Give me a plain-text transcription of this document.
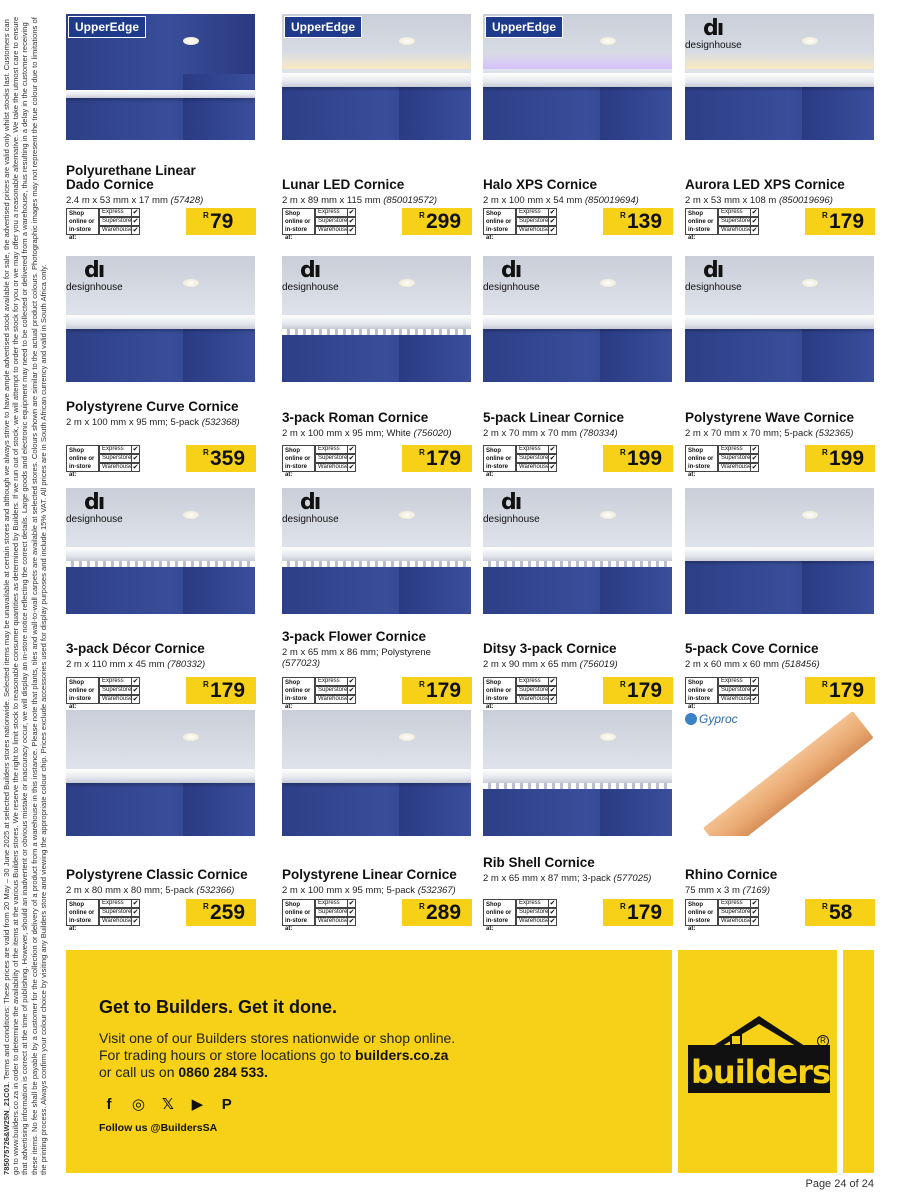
785075726&W25N_21C01. Terms and conditions: These prices are valid from 20 May – 30 June 2025 at selected Builders stores nationwide. Selected items may be unavailable at certain stores and although we always strive to have ample advertised stock available for sale, the advertised prices are valid only whilst stocks last. Customers can go to www.builders.co.za in order to determine the availability of the items at the various Builders stores. We reserve the right to limit stock to reasonable consumer quantities as determined by Builders. If we run out of stock, we will attempt to order the stock for you or we may offer you a reasonable alternative. We take the utmost care to ensure that advertising information is correct at the time of publishing. However, should an inadvertent or obvious mistake or inaccuracy occur, we will display an in-store notice reflecting the correct details. Large goods and electronic equipment may need to be collected or delivered from a warehouse, thus resulting in a delay in the customer receiving these items. No fee shall be payable by a customer for the collection or delivery of a product from a warehouse in this instance. Please note that plants, tiles and wall-to-wall carpets are available at selected stores. Colours shown are similar to the actual product colours. Photographic images may not represent the true colour due to limitations of the printing process. Always confirm your colour choice by visiting any Builders store and viewing the appropriate colour chip. Prices exclude accessories used for display purposes and include 15% VAT. All prices are in South African currency and valid in South Africa only.
UpperEdge
Polyurethane Linear
Dado Cornice
2.4 m x 53 mm x 17 mm (57428)
Shop
online or
in-store at:
Express ✔
Superstore ✔
Warehouse ✔
R 79
UpperEdge
Lunar LED Cornice
2 m x 89 mm x 115 mm (850019572)
Shop
online or
in-store at:
Express ✔
Superstore ✔
Warehouse ✔
R 299
UpperEdge
Halo XPS Cornice
2 m x 100 mm x 54 mm (850019694)
Shop
online or
in-store at:
Express ✔
Superstore ✔
Warehouse ✔
R 139
dı
designhouse
Aurora LED XPS Cornice
2 m x 53 mm x 108 m (850019696)
Shop
online or
in-store at:
Express ✔
Superstore ✔
Warehouse ✔
R 179
dı
designhouse
Polystyrene Curve Cornice
2 m x 100 mm x 95 mm; 5-pack (532368)
Shop
online or
in-store at:
Express ✔
Superstore ✔
Warehouse ✔
R 359
dı
designhouse
3-pack Roman Cornice
2 m x 100 mm x 95 mm; White (756020)
Shop
online or
in-store at:
Express ✔
Superstore ✔
Warehouse ✔
R 179
dı
designhouse
5-pack Linear Cornice
2 m x 70 mm x 70 mm (780334)
Shop
online or
in-store at:
Express ✔
Superstore ✔
Warehouse ✔
R 199
dı
designhouse
Polystyrene Wave Cornice
2 m x 70 mm x 70 mm; 5-pack (532365)
Shop
online or
in-store at:
Express ✔
Superstore ✔
Warehouse ✔
R 199
dı
designhouse
3-pack Décor Cornice
2 m x 110 mm x 45 mm (780332)
Shop
online or
in-store at:
Express ✔
Superstore ✔
Warehouse ✔
R 179
dı
designhouse
3-pack Flower Cornice
2 m x 65 mm x 86 mm; Polystyrene (577023)
Shop
online or
in-store at:
Express ✔
Superstore ✔
Warehouse ✔
R 179
dı
designhouse
Ditsy 3-pack Cornice
2 m x 90 mm x 65 mm (756019)
Shop
online or
in-store at:
Express ✔
Superstore ✔
Warehouse ✔
R 179
5-pack Cove Cornice
2 m x 60 mm x 60 mm (518456)
Shop
online or
in-store at:
Express ✔
Superstore ✔
Warehouse ✔
R 179
Polystyrene Classic Cornice
2 m x 80 mm x 80 mm; 5-pack (532366)
Shop
online or
in-store at:
Express ✔
Superstore ✔
Warehouse ✔
R 259
Polystyrene Linear Cornice
2 m x 100 mm x 95 mm; 5-pack (532367)
Shop
online or
in-store at:
Express ✔
Superstore ✔
Warehouse ✔
R 289
Rib Shell Cornice
2 m x 65 mm x 87 mm; 3-pack (577025)
Shop
online or
in-store at:
Express ✔
Superstore ✔
Warehouse ✔
R 179
Gyproc
Rhino Cornice
75 mm x 3 m (7169)
Shop
online or
in-store at:
Express ✔
Superstore ✔
Warehouse ✔
R 58
Get to Builders. Get it done.
Visit one of our Builders stores nationwide or shop online.
For trading hours or store locations go to builders.co.za
or call us on 0860 284 533.
f ◎ 𝕏 ▶ P
Follow us @BuildersSA
R
builders
Page 24 of 24
